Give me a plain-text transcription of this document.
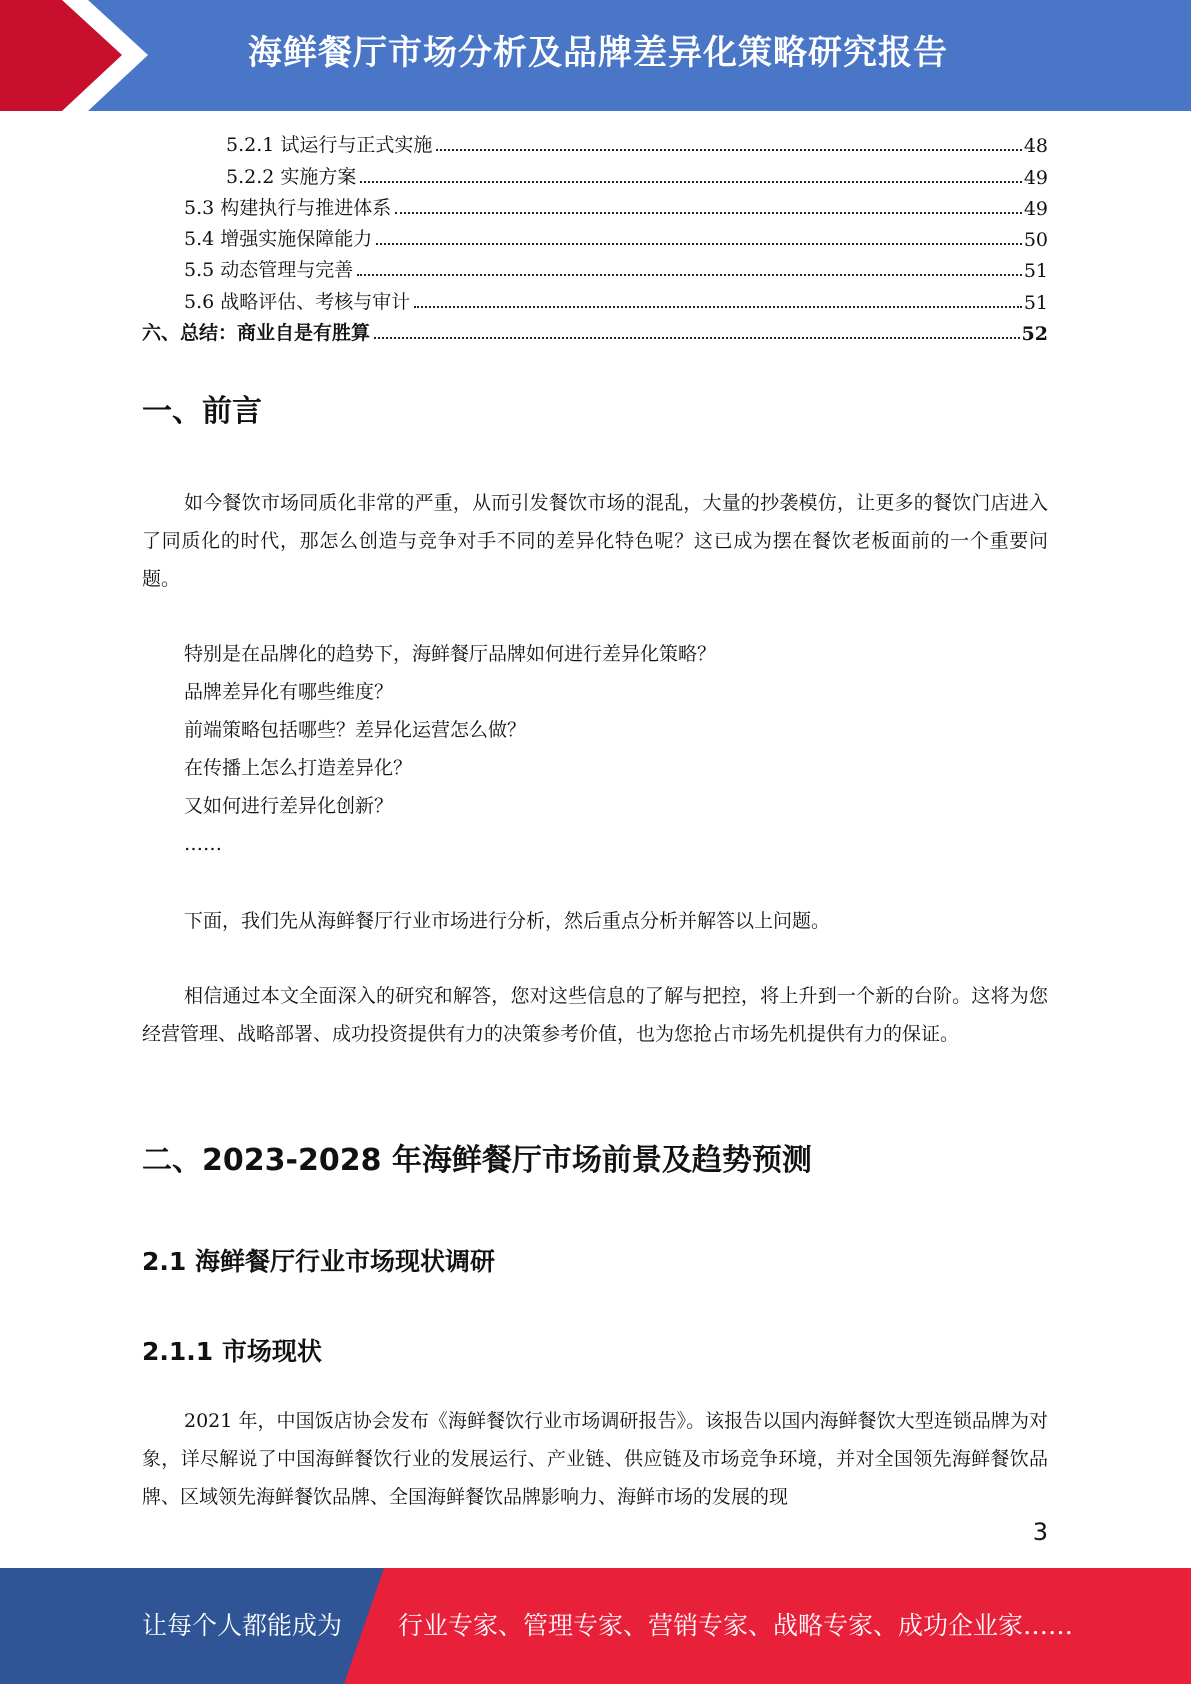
海鲜餐厅市场分析及品牌差异化策略研究报告
5.2.1 试运行与正式实施	48
5.2.2 实施方案	49
5.3 构建执行与推进体系	49
5.4 增强实施保障能力	50
5.5 动态管理与完善	51
5.6 战略评估、考核与审计	51
六、总结：商业自是有胜算	52
一、前言
如今餐饮市场同质化非常的严重，从而引发餐饮市场的混乱，大量的抄袭模仿，让更多的餐饮门店进入了同质化的时代，那怎么创造与竞争对手不同的差异化特色呢？这已成为摆在餐饮老板面前的一个重要问题。
特别是在品牌化的趋势下，海鲜餐厅品牌如何进行差异化策略？
品牌差异化有哪些维度？
前端策略包括哪些？差异化运营怎么做？
在传播上怎么打造差异化？
又如何进行差异化创新？
……
下面，我们先从海鲜餐厅行业市场进行分析，然后重点分析并解答以上问题。
相信通过本文全面深入的研究和解答，您对这些信息的了解与把控，将上升到一个新的台阶。这将为您经营管理、战略部署、成功投资提供有力的决策参考价值，也为您抢占市场先机提供有力的保证。
二、2023-2028 年海鲜餐厅市场前景及趋势预测
2.1 海鲜餐厅行业市场现状调研
2.1.1 市场现状
2021 年，中国饭店协会发布《海鲜餐饮行业市场调研报告》。该报告以国内海鲜餐饮大型连锁品牌为对象，详尽解说了中国海鲜餐饮行业的发展运行、产业链、供应链及市场竞争环境，并对全国领先海鲜餐饮品牌、区域领先海鲜餐饮品牌、全国海鲜餐饮品牌影响力、海鲜市场的发展的现
3
让每个人都能成为 行业专家、管理专家、营销专家、战略专家、成功企业家……
